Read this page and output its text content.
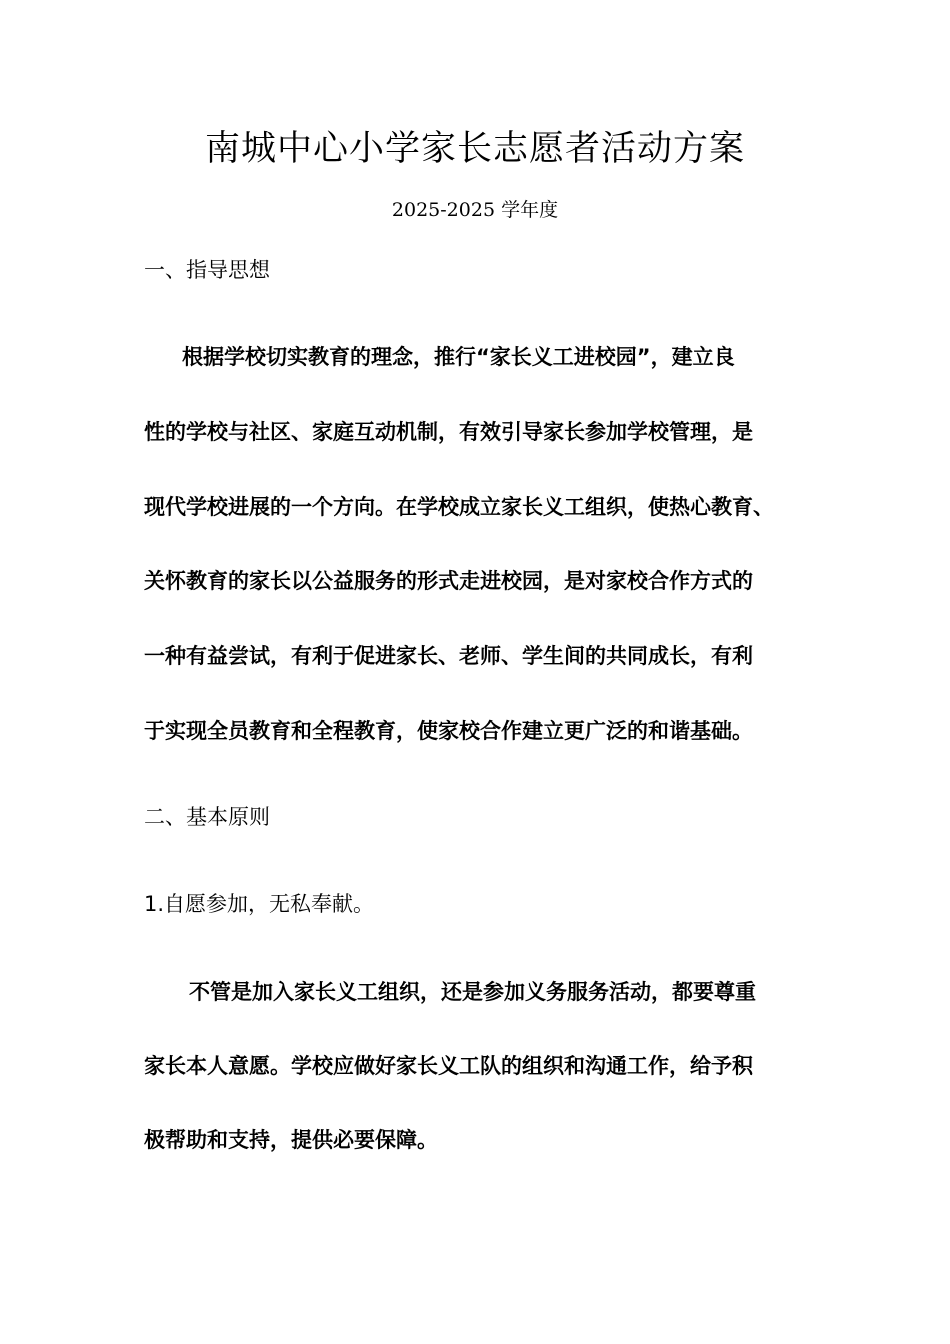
南城中心小学家长志愿者活动方案
2025-2025 学年度
一、指导思想

根据学校切实教育的理念，推行“家长义工进校园”，建立良

性的学校与社区、家庭互动机制，有效引导家长参加学校管理，是

现代学校进展的一个方向。在学校成立家长义工组织，使热心教育、

关怀教育的家长以公益服务的形式走进校园，是对家校合作方式的

一种有益尝试，有利于促进家长、老师、学生间的共同成长，有利

于实现全员教育和全程教育，使家校合作建立更广泛的和谐基础。

二、基本原则
1.自愿参加，无私奉献。

不管是加入家长义工组织，还是参加义务服务活动，都要尊重

家长本人意愿。学校应做好家长义工队的组织和沟通工作，给予积

极帮助和支持，提供必要保障。
